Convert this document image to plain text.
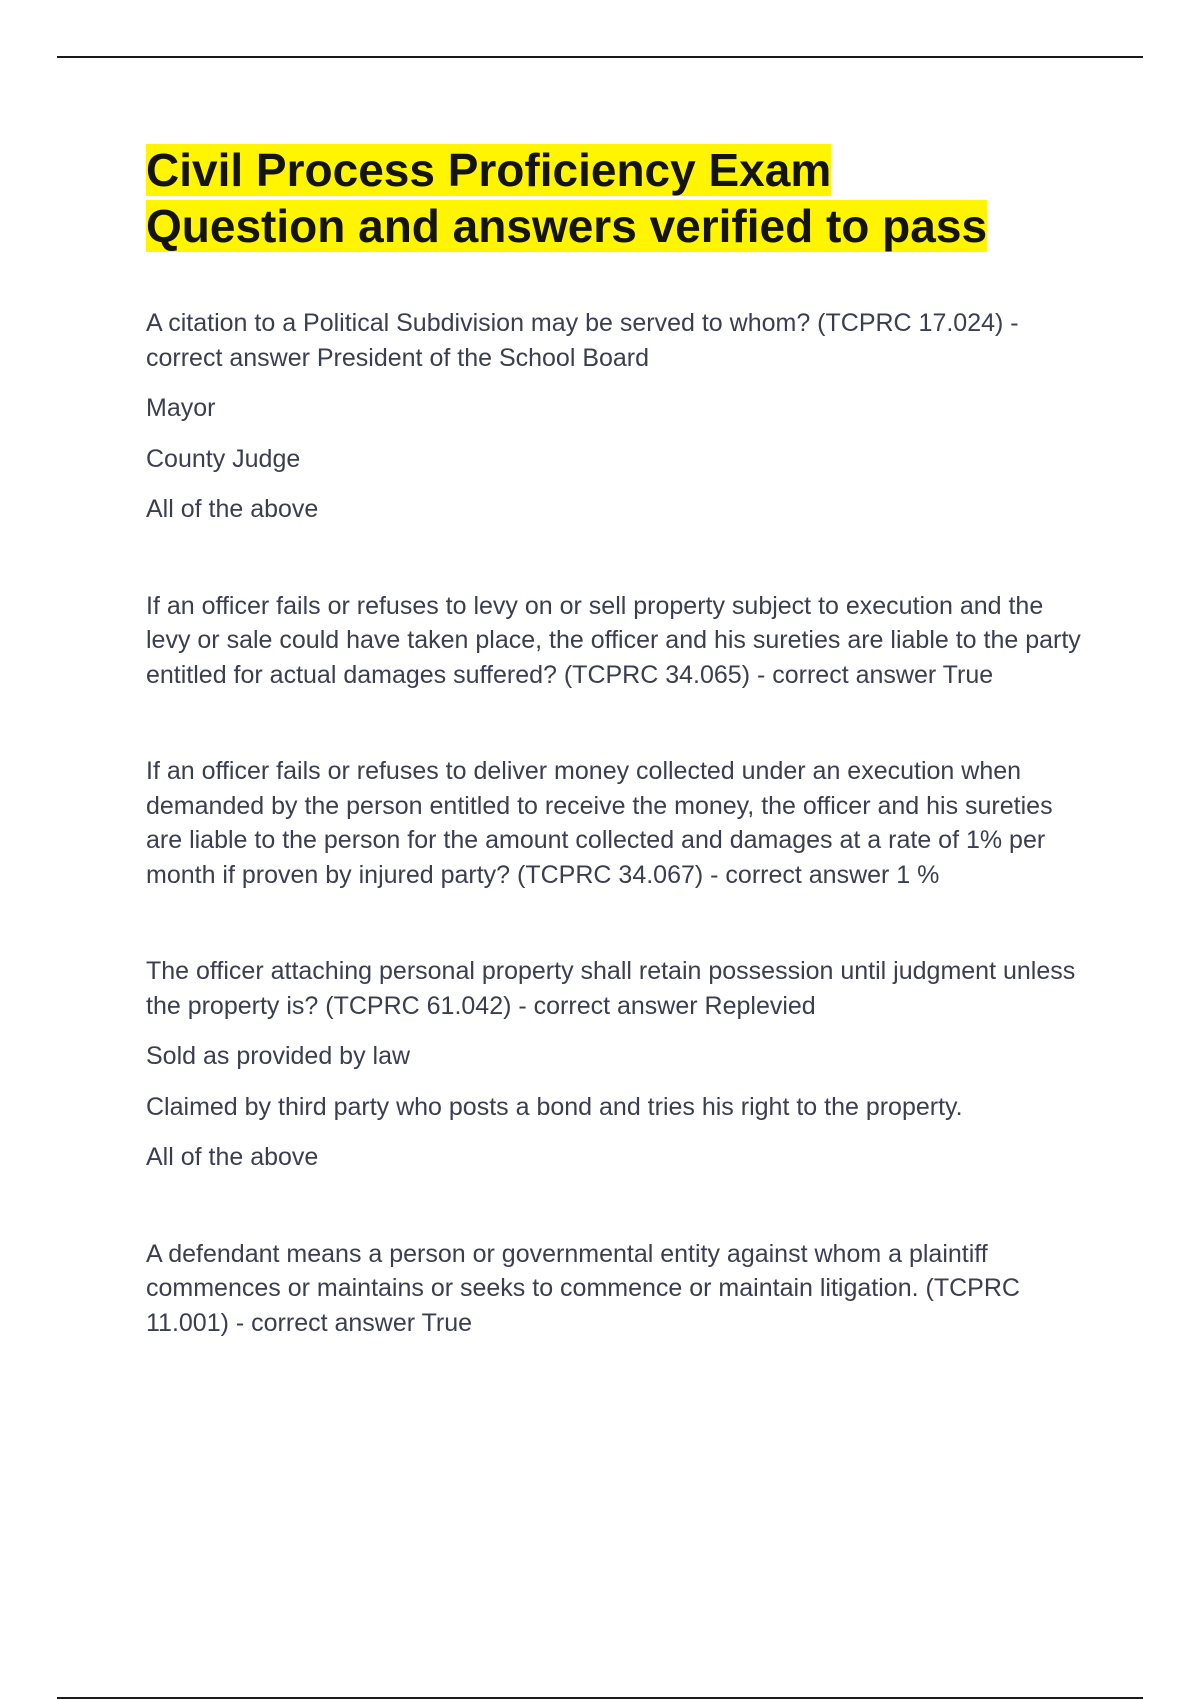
Civil Process Proficiency Exam
Question and answers verified to pass

A citation to a Political Subdivision may be served to whom? (TCPRC 17.024) - correct answer President of the School Board

Mayor

County Judge

All of the above

If an officer fails or refuses to levy on or sell property subject to execution and the levy or sale could have taken place, the officer and his sureties are liable to the party entitled for actual damages suffered? (TCPRC 34.065) - correct answer True

If an officer fails or refuses to deliver money collected under an execution when demanded by the person entitled to receive the money, the officer and his sureties are liable to the person for the amount collected and damages at a rate of 1% per month if proven by injured party? (TCPRC 34.067) - correct answer 1 %

The officer attaching personal property shall retain possession until judgment unless the property is? (TCPRC 61.042) - correct answer Replevied

Sold as provided by law

Claimed by third party who posts a bond and tries his right to the property.

All of the above

A defendant means a person or governmental entity against whom a plaintiff commences or maintains or seeks to commence or maintain litigation. (TCPRC 11.001) - correct answer True
